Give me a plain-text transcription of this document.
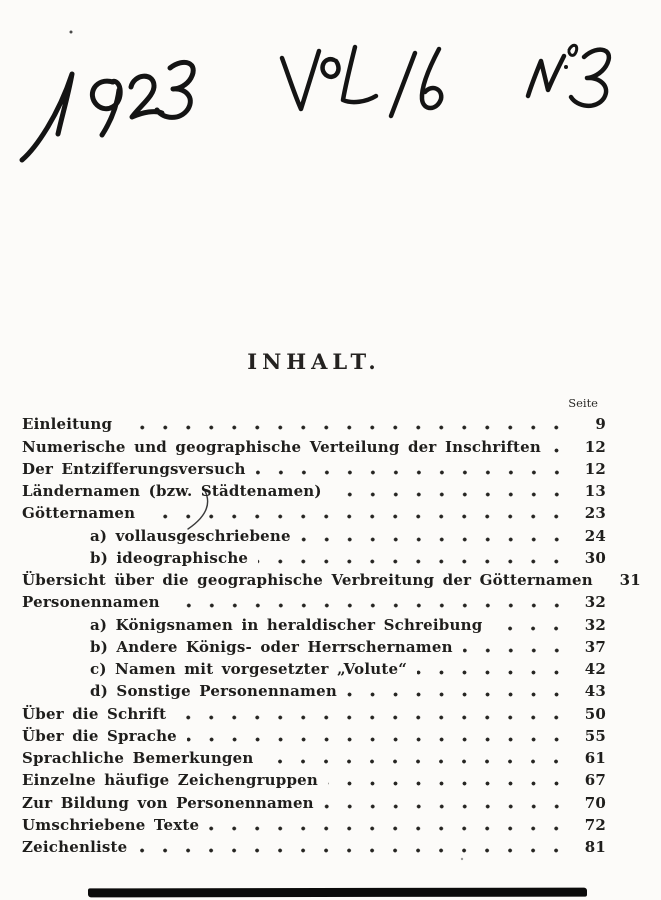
INHALT.
Seite
Einleitung	9
Numerische und geographische Verteilung der Inschriften	12
Der Entzifferungsversuch	12
Ländernamen (bzw. Städtenamen)	13
Götternamen	23
a) vollausgeschriebene	24
b) ideographische	30
Übersicht über die geographische Verbreitung der Götternamen	31
Personennamen	32
a) Königsnamen in heraldischer Schreibung	32
b) Andere Königs- oder Herrschernamen	37
c) Namen mit vorgesetzter „Volute“	42
d) Sonstige Personennamen	43
Über die Schrift	50
Über die Sprache	55
Sprachliche Bemerkungen	61
Einzelne häufige Zeichengruppen	67
Zur Bildung von Personennamen	70
Umschriebene Texte	72
Zeichenliste	81
